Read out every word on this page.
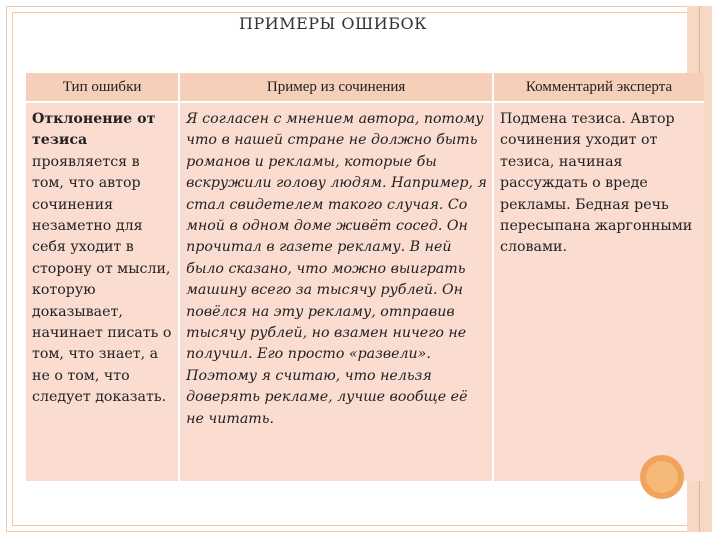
ПРИМЕРЫ ОШИБОК
Тип ошибки	Пример из сочинения	Комментарий эксперта
Отклонение от тезиса проявляется в том, что автор сочинения незаметно для себя уходит в сторону от мысли, которую доказывает, начинает писать о том, что знает, а не о том, что следует доказать.	Я согласен с мнением автора, потому что в нашей стране не должно быть романов и рекламы, которые бы вскружили голову людям. Например, я стал свидетелем такого случая. Со мной в одном доме живёт сосед. Он прочитал в газете рекламу. В ней было сказано, что можно выиграть машину всего за тысячу рублей. Он повёлся на эту рекламу, отправив тысячу рублей, но взамен ничего не получил. Его просто «развели». Поэтому я считаю, что нельзя доверять рекламе, лучше вообще её не читать.	Подмена тезиса. Автор сочинения уходит от тезиса, начиная рассуждать о вреде рекламы. Бедная речь пересыпана жаргонными словами.
